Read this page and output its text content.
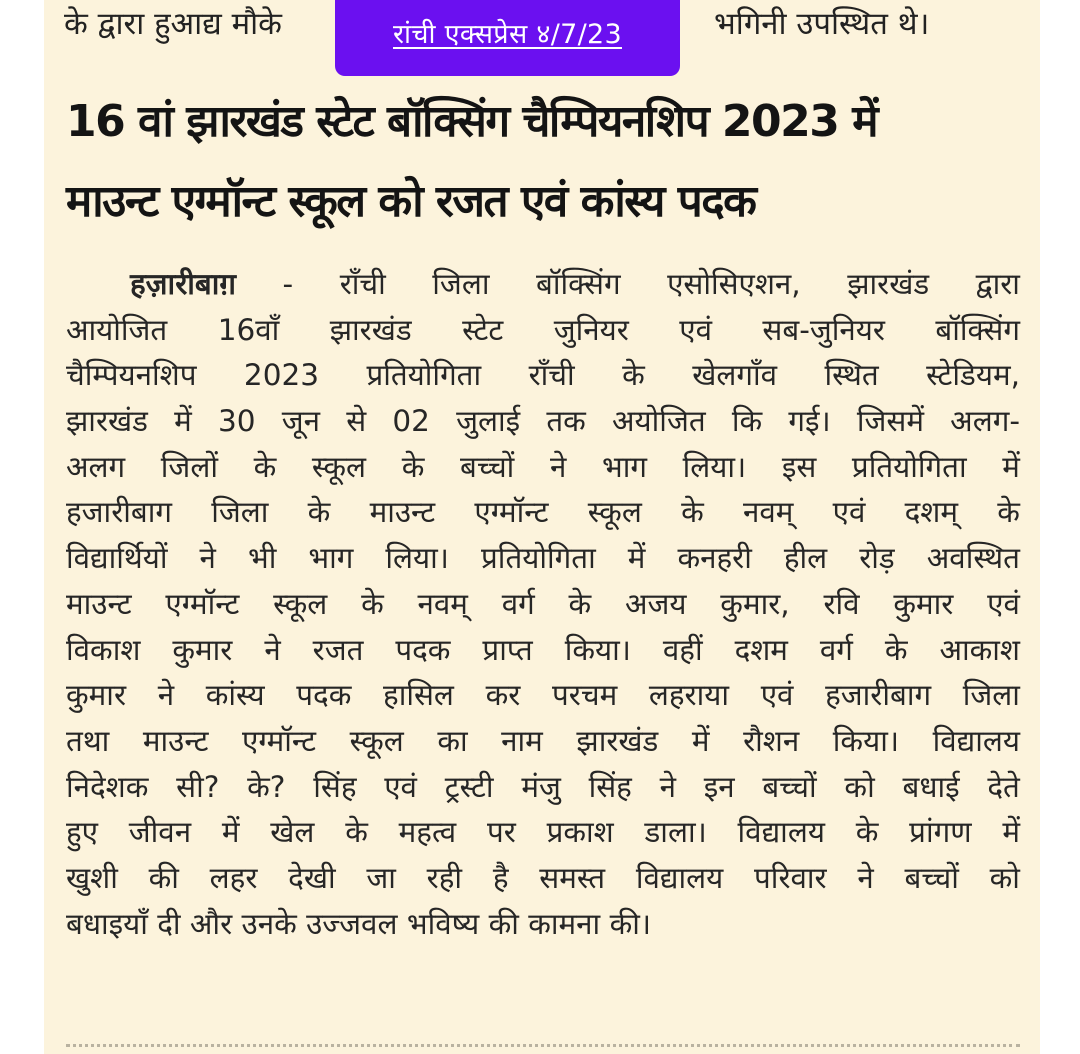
के द्वारा हुआद्य मौके	भगिनी उपस्थित थे।
16 वां झारखंड स्टेट बॉक्सिंग चैम्पियनशिप 2023 में
माउन्ट एग्मॉन्ट स्कूल को रजत एवं कांस्य पदक
हज़ारीबाग़ - रॉंची जिला बॉक्सिंग एसोसिएशन, झारखंड द्वारा
आयोजित 16वाँ झारखंड स्टेट जुनियर एवं सब-जुनियर बॉक्सिंग
चैम्पियनशिप 2023 प्रतियोगिता रॉंची के खेलगाँव स्थित स्टेडियम,
झारखंड में 30 जून से 02 जुलाई तक अयोजित कि गई। जिसमें अलग-
अलग जिलों के स्कूल के बच्चों ने भाग लिया। इस प्रतियोगिता में
हजारीबाग जिला के माउन्ट एग्मॉन्ट स्कूल के नवम् एवं दशम् के
विद्यार्थियों ने भी भाग लिया। प्रतियोगिता में कनहरी हील रोड़ अवस्थित
माउन्ट एग्मॉन्ट स्कूल के नवम् वर्ग के अजय कुमार, रवि कुमार एवं
विकाश कुमार ने रजत पदक प्राप्त किया। वहीं दशम वर्ग के आकाश
कुमार ने कांस्य पदक हासिल कर परचम लहराया एवं हजारीबाग जिला
तथा माउन्ट एग्मॉन्ट स्कूल का नाम झारखंड में रौशन किया। विद्यालय
निदेशक सी? के? सिंह एवं ट्रस्टी मंजु सिंह ने इन बच्चों को बधाई देते
हुए जीवन में खेल के महत्व पर प्रकाश डाला। विद्यालय के प्रांगण में
खुशी की लहर देखी जा रही है समस्त विद्यालय परिवार ने बच्चों को
बधाइयाँ दी और उनके उज्जवल भविष्य की कामना की।
रांची एक्सप्रेस ४/7/23
